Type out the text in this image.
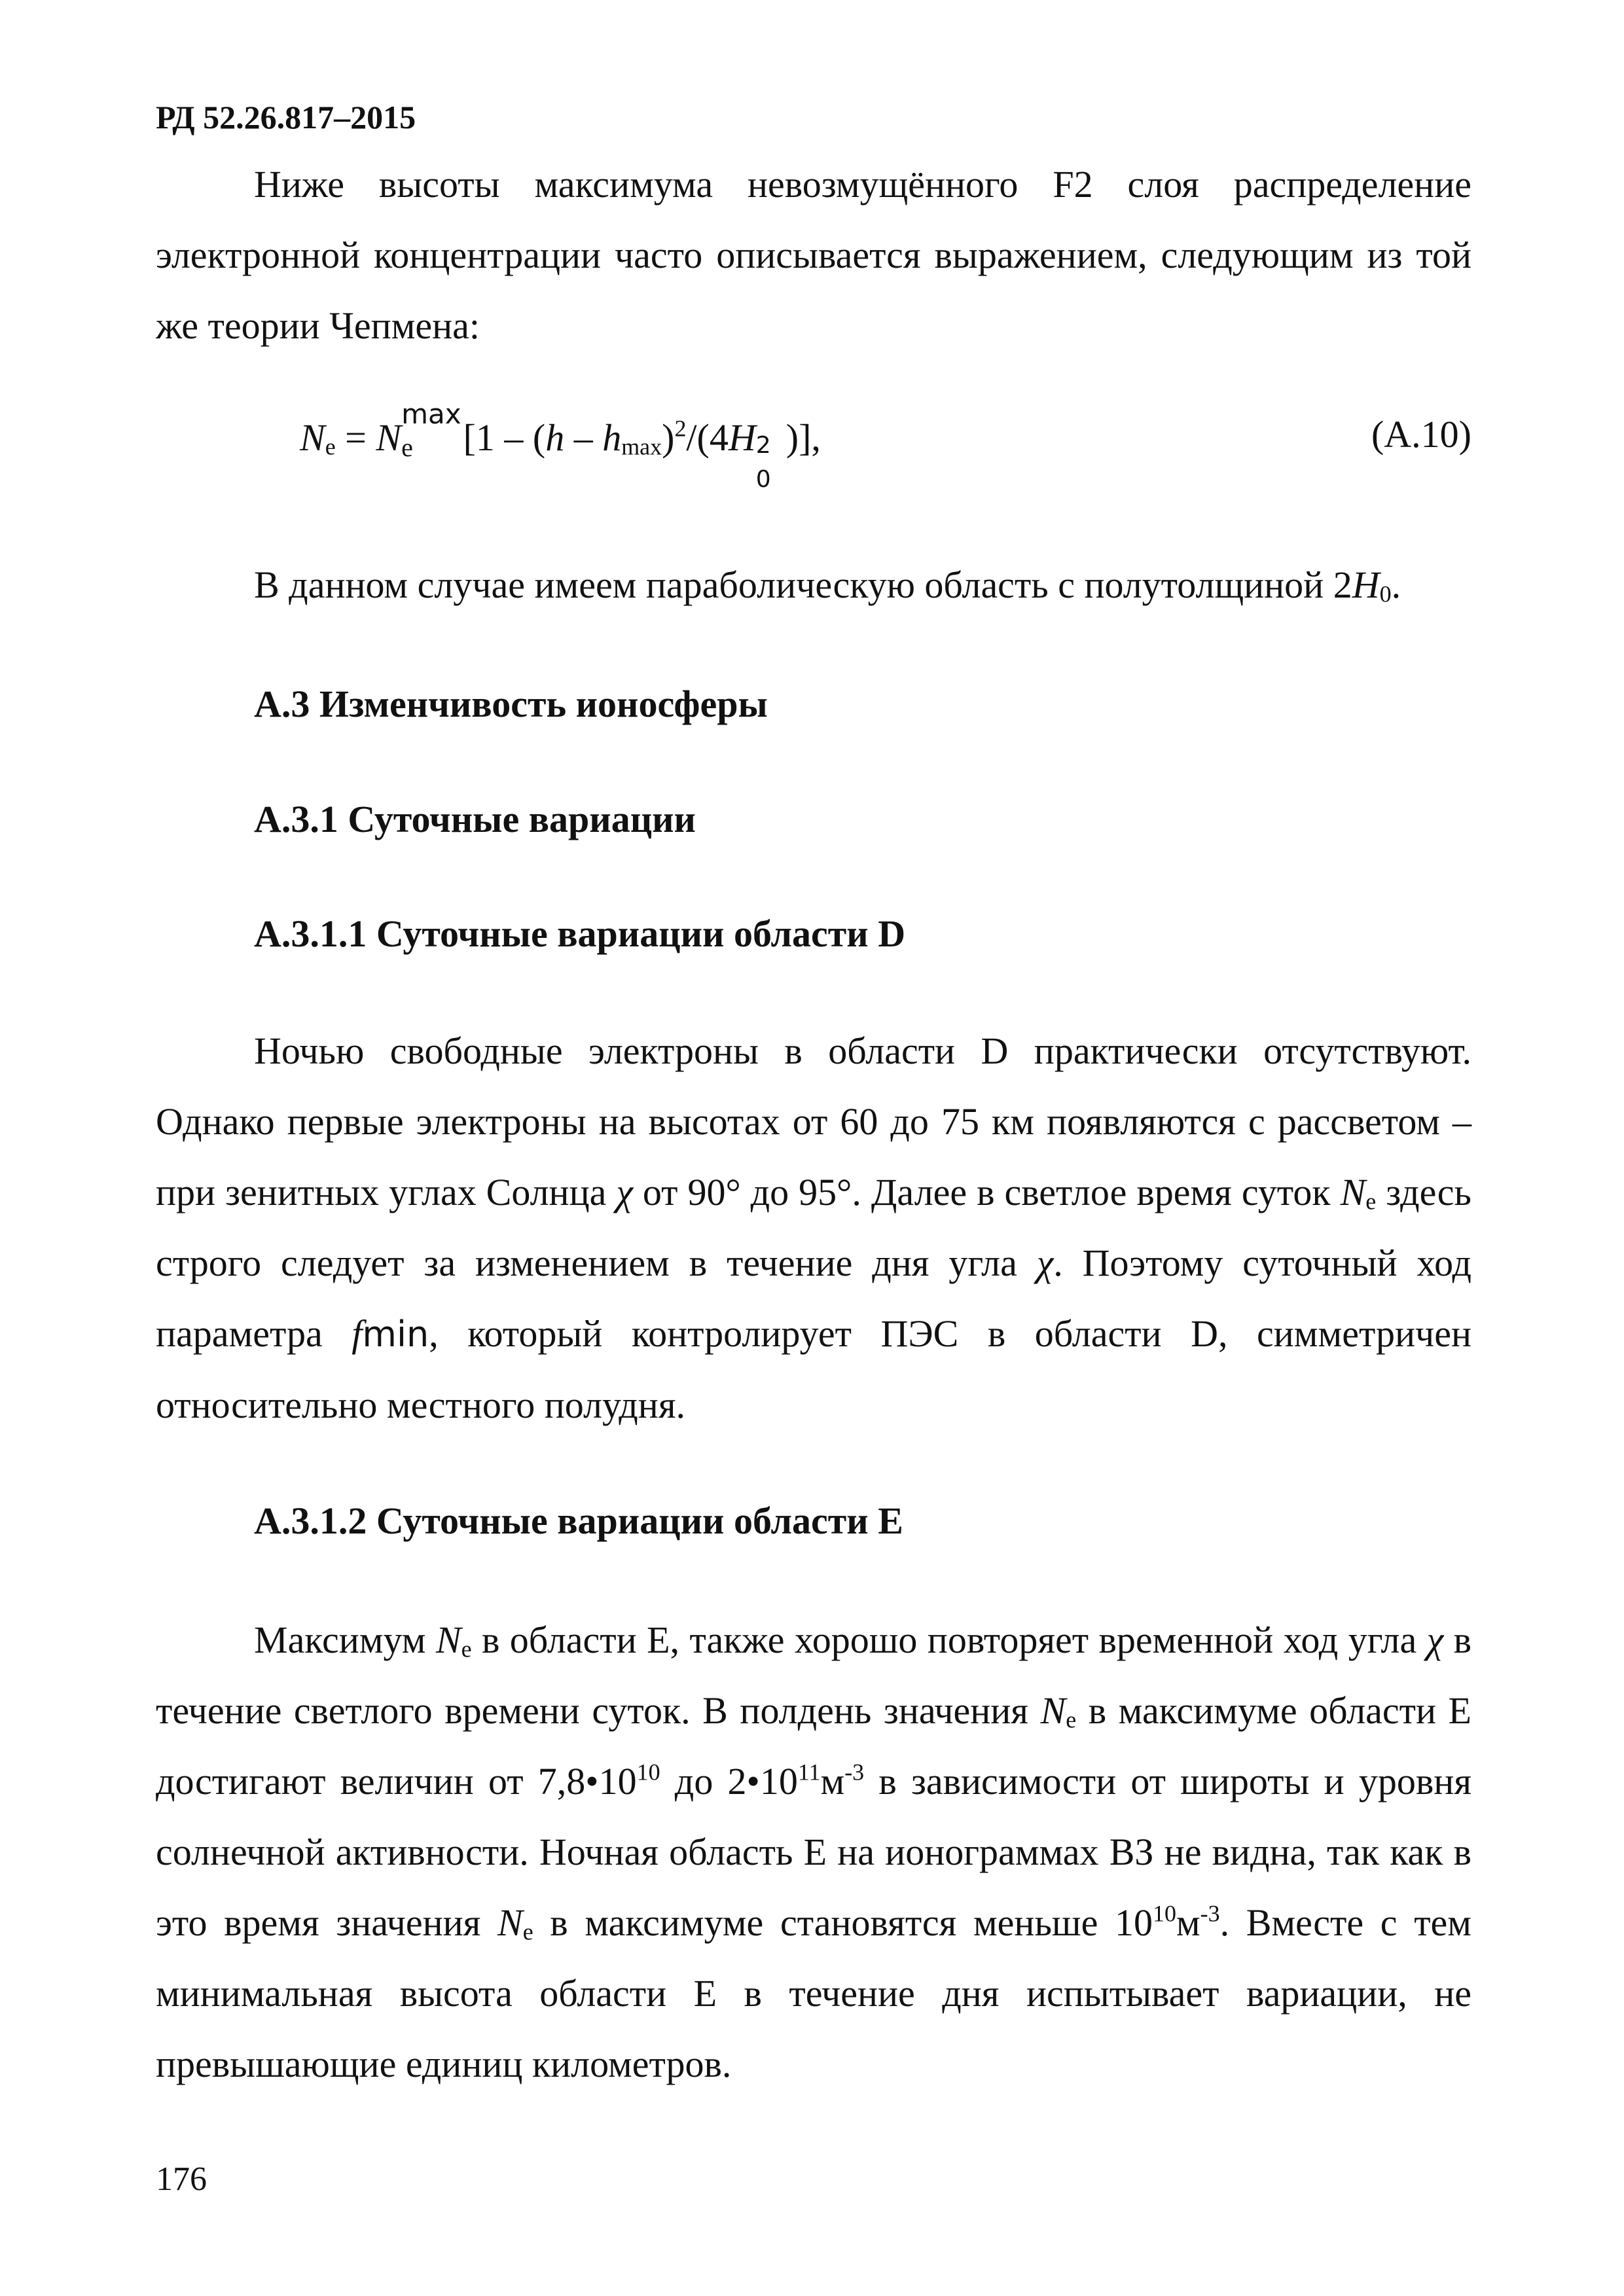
РД 52.26.817–2015
Ниже высоты максимума невозмущённого F2 слоя распределение
электронной концентрации часто описывается выражением, следующим из той
же теории Чепмена:
$N_e = N$
max
e [$1 - (h - h_{max})^2/(4H$ 2
0
)],	(А.10)
В данном случае имеем параболическую область с полутолщиной $2H_0$.
А.3 Изменчивость ионосферы
А.3.1 Суточные вариации
А.3.1.1 Суточные вариации области D
Ночью свободные электроны в области D практически отсутствуют.
Однако первые электроны на высотах от 60 до 75 км появляются с рассветом –
при зенитных углах Солнца χ от 90° до 95°. Далее в светлое время суток $N_e$ здесь
строго следует за изменением в течение дня угла χ. Поэтому суточный ход
параметра fmin, который контролирует ПЭС в области D, симметричен
относительно местного полудня.
А.3.1.2 Суточные вариации области Е
Максимум $N_e$ в области Е, также хорошо повторяет временной ход угла χ в
течение светлого времени суток. В полдень значения $N_e$ в максимуме области Е
достигают величин от $7,8•10^{10}$ до $2•10^{11}м^{-3}$ в зависимости от широты и уровня
солнечной активности. Ночная область Е на ионограммах ВЗ не видна, так как в
это время значения $N_e$ в максимуме становятся меньше $10^{10}м^{-3}$. Вместе с тем
минимальная высота области Е в течение дня испытывает вариации, не
превышающие единиц километров.
176
